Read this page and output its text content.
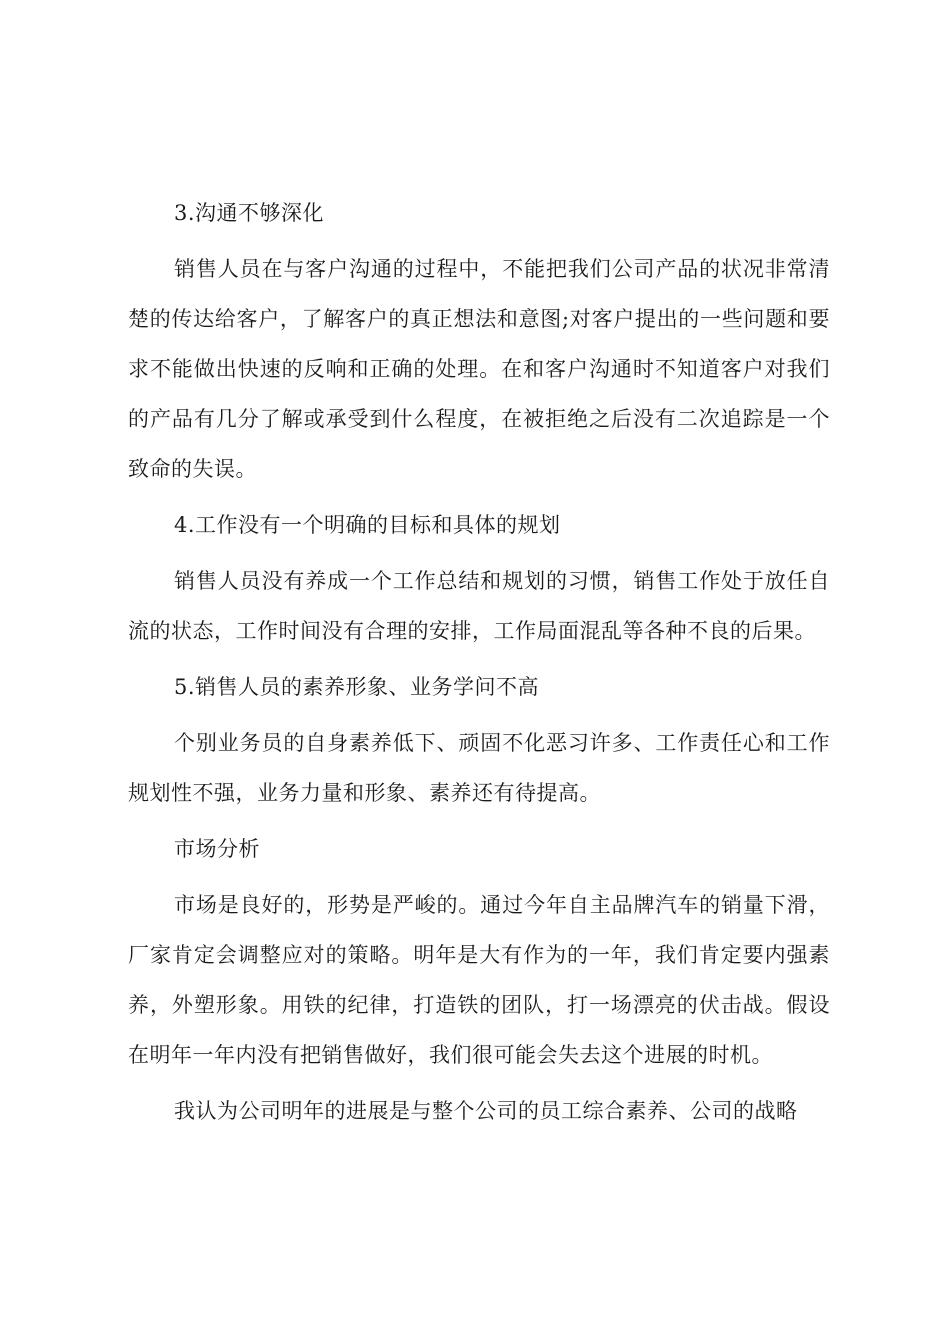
3.沟通不够深化

销售人员在与客户沟通的过程中，不能把我们公司产品的状况非常清楚的传达给客户，了解客户的真正想法和意图;对客户提出的一些问题和要求不能做出快速的反响和正确的处理。在和客户沟通时不知道客户对我们的产品有几分了解或承受到什么程度，在被拒绝之后没有二次追踪是一个致命的失误。

4.工作没有一个明确的目标和具体的规划

销售人员没有养成一个工作总结和规划的习惯，销售工作处于放任自流的状态，工作时间没有合理的安排，工作局面混乱等各种不良的后果。

5.销售人员的素养形象、业务学问不高

个别业务员的自身素养低下、顽固不化恶习许多、工作责任心和工作规划性不强，业务力量和形象、素养还有待提高。

市场分析

市场是良好的，形势是严峻的。通过今年自主品牌汽车的销量下滑，厂家肯定会调整应对的策略。明年是大有作为的一年，我们肯定要内强素养，外塑形象。用铁的纪律，打造铁的团队，打一场漂亮的伏击战。假设在明年一年内没有把销售做好，我们很可能会失去这个进展的时机。

我认为公司明年的进展是与整个公司的员工综合素养、公司的战略
